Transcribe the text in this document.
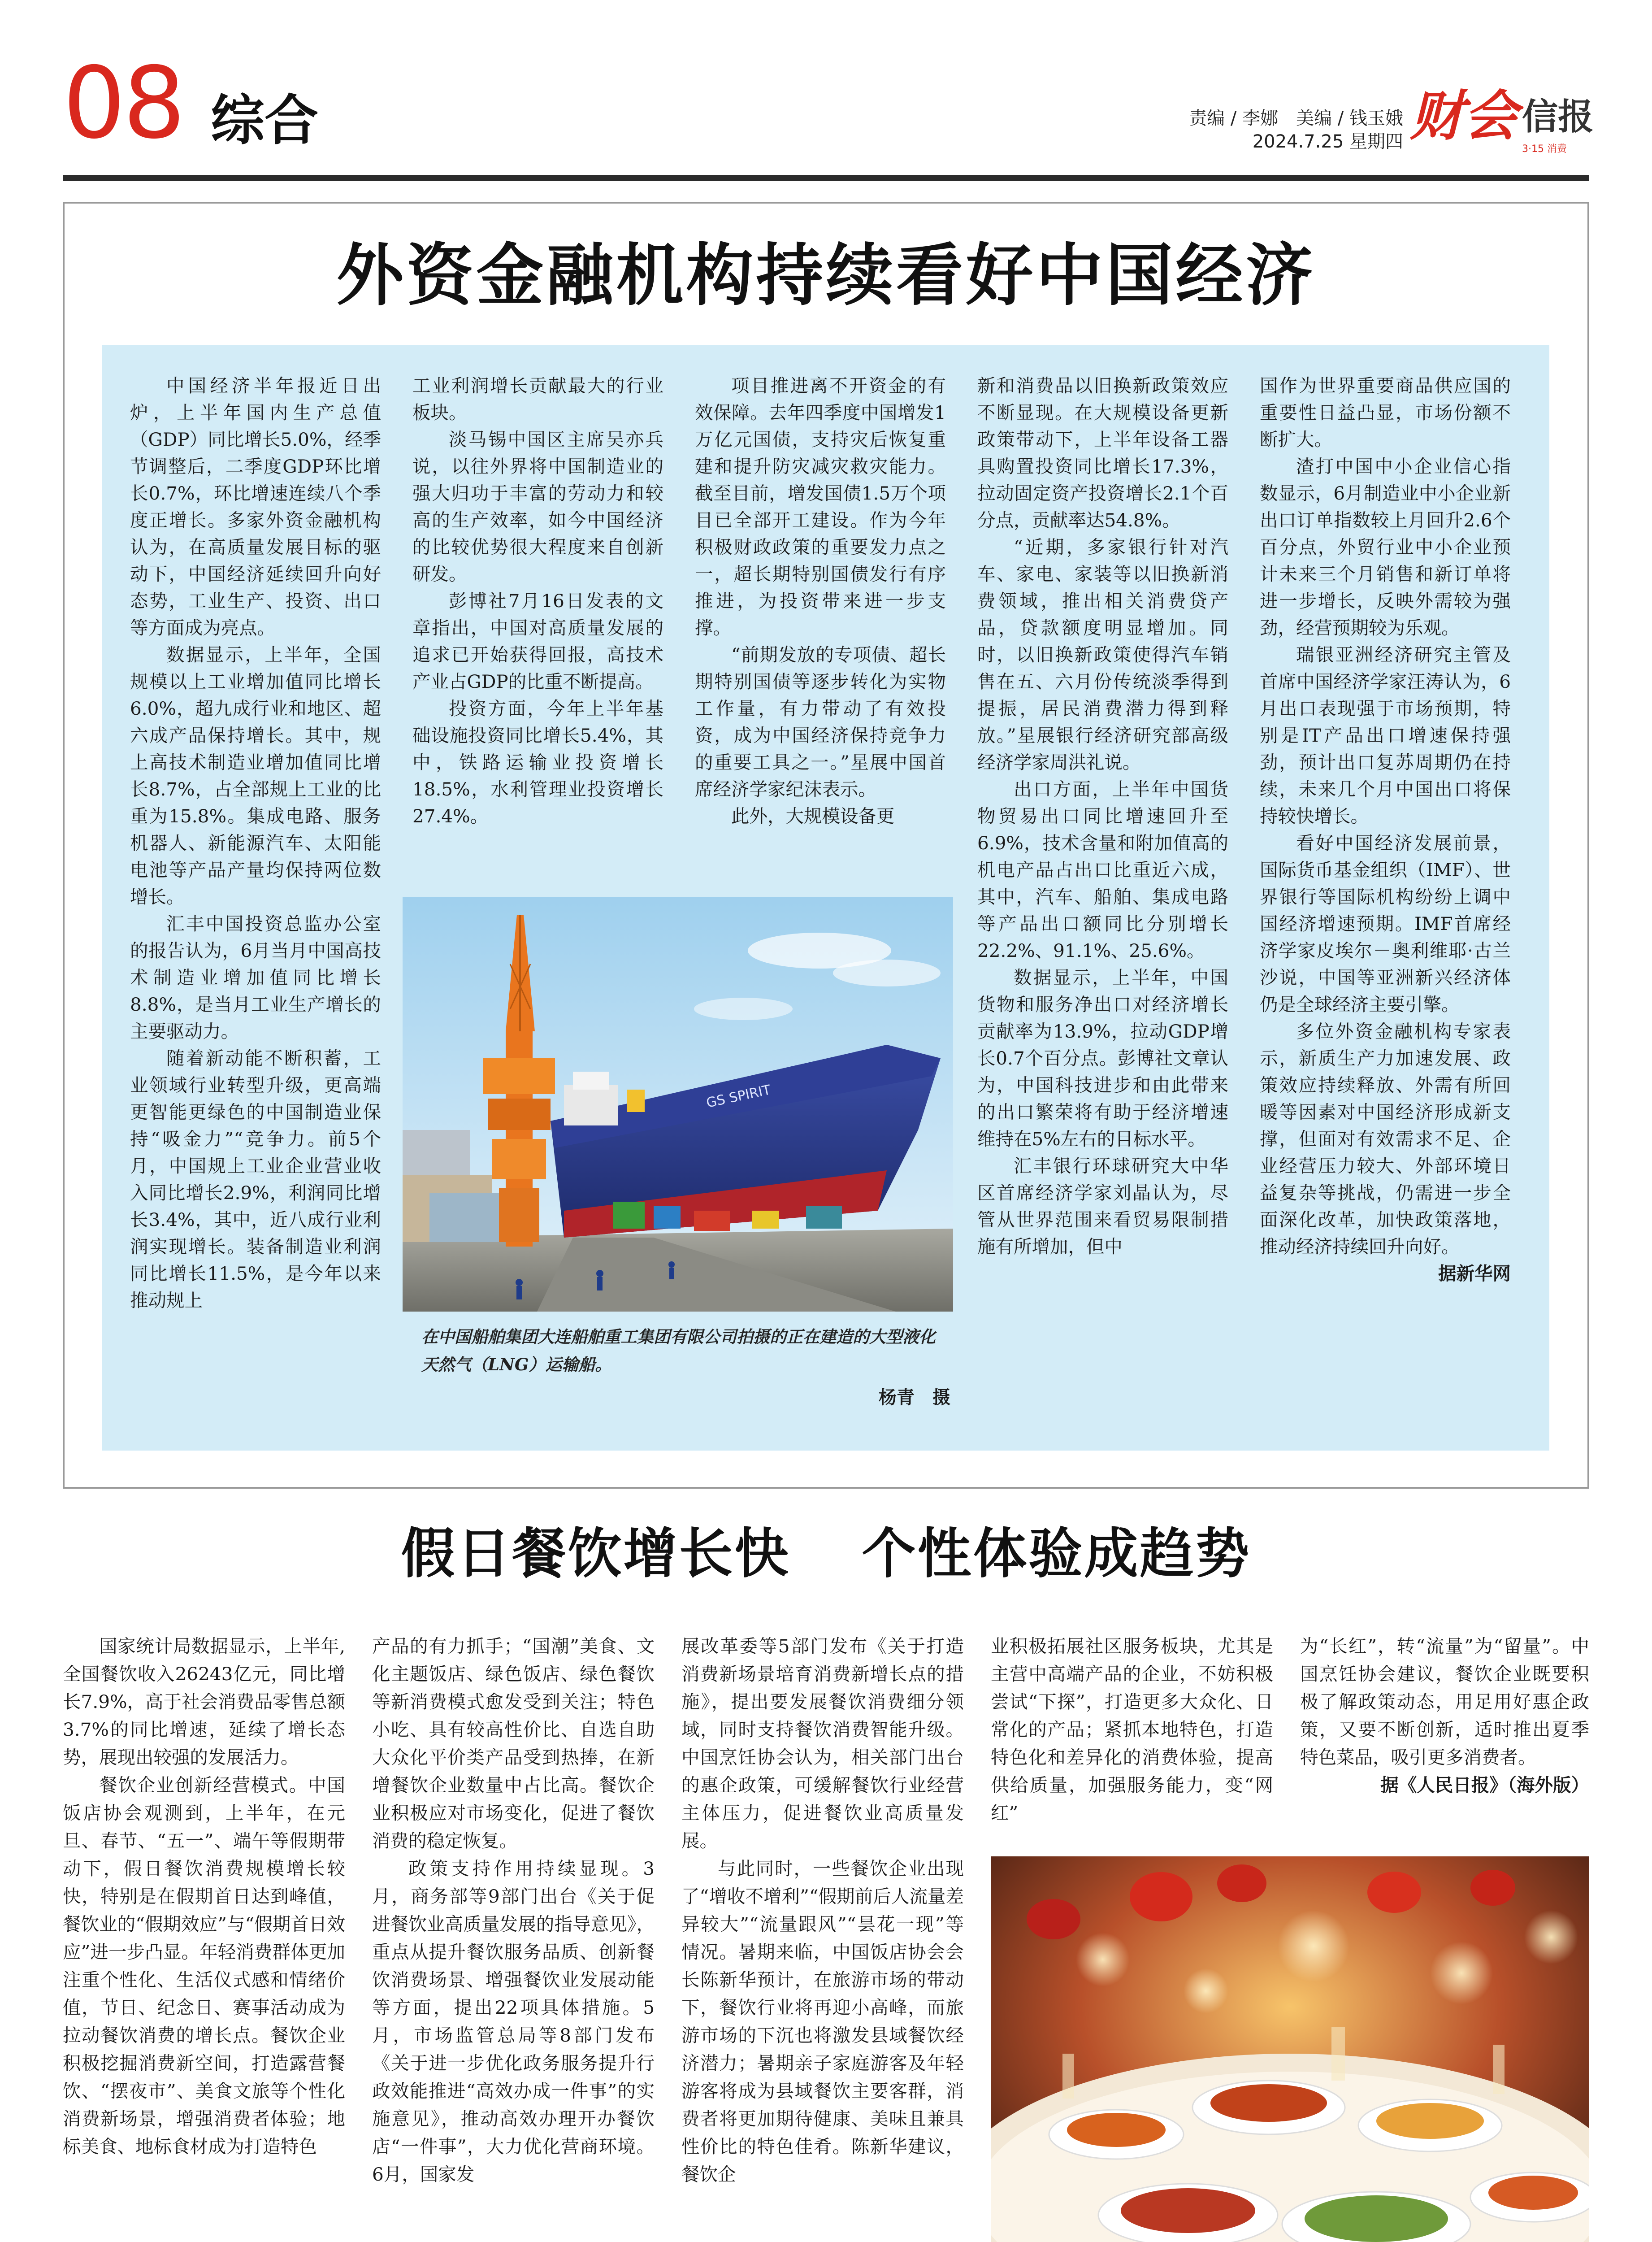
08 综合	责编 / 李娜　美编 / 钱玉娥
2024.7.25 星期四 财会 信报
3·15 消费
外资金融机构持续看好中国经济

中国经济半年报近日出炉，上半年国内生产总值（GDP）同比增长5.0%，经季节调整后，二季度GDP环比增长0.7%，环比增速连续八个季度正增长。多家外资金融机构认为，在高质量发展目标的驱动下，中国经济延续回升向好态势，工业生产、投资、出口等方面成为亮点。

数据显示，上半年，全国规模以上工业增加值同比增长6.0%，超九成行业和地区、超六成产品保持增长。其中，规上高技术制造业增加值同比增长8.7%，占全部规上工业的比重为15.8%。集成电路、服务机器人、新能源汽车、太阳能电池等产品产量均保持两位数增长。

汇丰中国投资总监办公室的报告认为，6月当月中国高技术制造业增加值同比增长8.8%，是当月工业生产增长的主要驱动力。

随着新动能不断积蓄，工业领域行业转型升级，更高端更智能更绿色的中国制造业保持“吸金力”“竞争力。前5个月，中国规上工业企业营业收入同比增长2.9%，利润同比增长3.4%，其中，近八成行业利润实现增长。装备制造业利润同比增长11.5%，是今年以来推动规上

工业利润增长贡献最大的行业板块。

淡马锡中国区主席吴亦兵说，以往外界将中国制造业的强大归功于丰富的劳动力和较高的生产效率，如今中国经济的比较优势很大程度来自创新研发。

彭博社7月16日发表的文章指出，中国对高质量发展的追求已开始获得回报，高技术产业占GDP的比重不断提高。

投资方面，今年上半年基础设施投资同比增长5.4%，其中，铁路运输业投资增长18.5%，水利管理业投资增长27.4%。

项目推进离不开资金的有效保障。去年四季度中国增发1万亿元国债，支持灾后恢复重建和提升防灾减灾救灾能力。截至目前，增发国债1.5万个项目已全部开工建设。作为今年积极财政政策的重要发力点之一，超长期特别国债发行有序推进，为投资带来进一步支撑。

“前期发放的专项债、超长期特别国债等逐步转化为实物工作量，有力带动了有效投资，成为中国经济保持竞争力的重要工具之一。”星展中国首席经济学家纪沫表示。

此外，大规模设备更

新和消费品以旧换新政策效应不断显现。在大规模设备更新政策带动下，上半年设备工器具购置投资同比增长17.3%，拉动固定资产投资增长2.1个百分点，贡献率达54.8%。

“近期，多家银行针对汽车、家电、家装等以旧换新消费领域，推出相关消费贷产品，贷款额度明显增加。同时，以旧换新政策使得汽车销售在五、六月份传统淡季得到提振，居民消费潜力得到释放。”星展银行经济研究部高级经济学家周洪礼说。

出口方面，上半年中国货物贸易出口同比增速回升至6.9%，技术含量和附加值高的机电产品占出口比重近六成，其中，汽车、船舶、集成电路等产品出口额同比分别增长22.2%、91.1%、25.6%。

数据显示，上半年，中国货物和服务净出口对经济增长贡献率为13.9%，拉动GDP增长0.7个百分点。彭博社文章认为，中国科技进步和由此带来的出口繁荣将有助于经济增速维持在5%左右的目标水平。

汇丰银行环球研究大中华区首席经济学家刘晶认为，尽管从世界范围来看贸易限制措施有所增加，但中

国作为世界重要商品供应国的重要性日益凸显，市场份额不断扩大。

渣打中国中小企业信心指数显示，6月制造业中小企业新出口订单指数较上月回升2.6个百分点，外贸行业中小企业预计未来三个月销售和新订单将进一步增长，反映外需较为强劲，经营预期较为乐观。

瑞银亚洲经济研究主管及首席中国经济学家汪涛认为，6月出口表现强于市场预期，特别是IT产品出口增速保持强劲，预计出口复苏周期仍在持续，未来几个月中国出口将保持较快增长。

看好中国经济发展前景，国际货币基金组织（IMF）、世界银行等国际机构纷纷上调中国经济增速预期。IMF首席经济学家皮埃尔－奥利维耶·古兰沙说，中国等亚洲新兴经济体仍是全球经济主要引擎。

多位外资金融机构专家表示，新质生产力加速发展、政策效应持续释放、外需有所回暖等因素对中国经济形成新支撑，但面对有效需求不足、企业经营压力较大、外部环境日益复杂等挑战，仍需进一步全面深化改革，加快政策落地，推动经济持续回升向好。

据新华网

GS SPIRIT
在中国船舶集团大连船舶重工集团有限公司拍摄的正在建造的大型液化天然气（LNG）运输船。
杨青　摄
假日餐饮增长快 个性体验成趋势

国家统计局数据显示，上半年,全国餐饮收入26243亿元，同比增长7.9%，高于社会消费品零售总额3.7%的同比增速，延续了增长态势，展现出较强的发展活力。

餐饮企业创新经营模式。中国饭店协会观测到，上半年，在元旦、春节、“五一”、端午等假期带动下，假日餐饮消费规模增长较快，特别是在假期首日达到峰值，餐饮业的“假期效应”与“假期首日效应”进一步凸显。年轻消费群体更加注重个性化、生活仪式感和情绪价值，节日、纪念日、赛事活动成为拉动餐饮消费的增长点。餐饮企业积极挖掘消费新空间，打造露营餐饮、“摆夜市”、美食文旅等个性化消费新场景，增强消费者体验；地标美食、地标食材成为打造特色

产品的有力抓手；“国潮”美食、文化主题饭店、绿色饭店、绿色餐饮等新消费模式愈发受到关注；特色小吃、具有较高性价比、自选自助大众化平价类产品受到热捧，在新增餐饮企业数量中占比高。餐饮企业积极应对市场变化，促进了餐饮消费的稳定恢复。

政策支持作用持续显现。3月，商务部等9部门出台《关于促进餐饮业高质量发展的指导意见》，重点从提升餐饮服务品质、创新餐饮消费场景、增强餐饮业发展动能等方面，提出22项具体措施。5月，市场监管总局等8部门发布《关于进一步优化政务服务提升行政效能推进“高效办成一件事”的实施意见》，推动高效办理开办餐饮店“一件事”，大力优化营商环境。6月，国家发

展改革委等5部门发布《关于打造消费新场景培育消费新增长点的措施》，提出要发展餐饮消费细分领域，同时支持餐饮消费智能升级。中国烹饪协会认为，相关部门出台的惠企政策，可缓解餐饮行业经营主体压力，促进餐饮业高质量发展。

与此同时，一些餐饮企业出现了“增收不增利”“假期前后人流量差异较大”“流量跟风”“昙花一现”等情况。暑期来临，中国饭店协会会长陈新华预计，在旅游市场的带动下，餐饮行业将再迎小高峰，而旅游市场的下沉也将激发县域餐饮经济潜力；暑期亲子家庭游客及年轻游客将成为县域餐饮主要客群，消费者将更加期待健康、美味且兼具性价比的特色佳肴。陈新华建议，餐饮企

业积极拓展社区服务板块，尤其是主营中高端产品的企业，不妨积极尝试“下探”，打造更多大众化、日常化的产品；紧抓本地特色，打造特色化和差异化的消费体验，提高供给质量，加强服务能力，变“网红”

为“长红”，转“流量”为“留量”。中国烹饪协会建议，餐饮企业既要积极了解政策动态，用足用好惠企政策，又要不断创新，适时推出夏季特色菜品，吸引更多消费者。

据《人民日报》（海外版）
